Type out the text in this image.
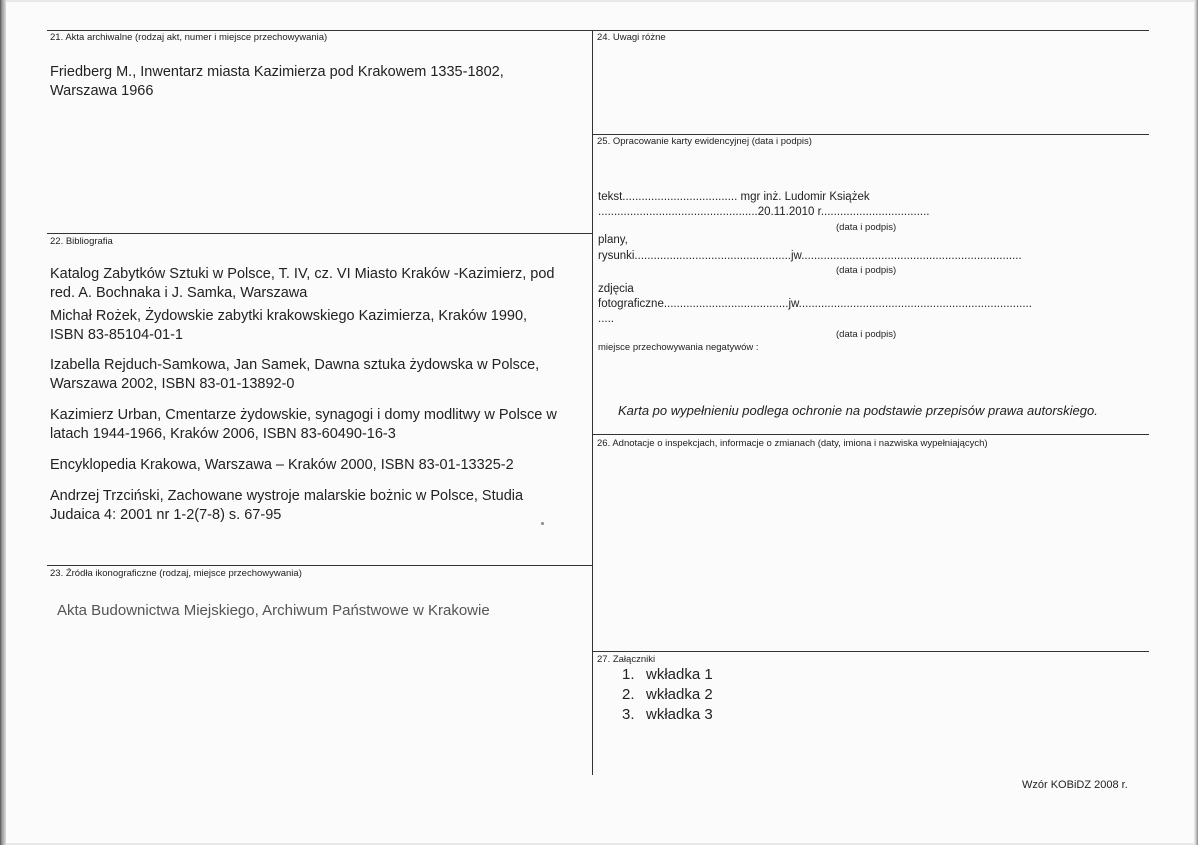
21. Akta archiwalne (rodzaj akt, numer i miejsce przechowywania)
Friedberg M., Inwentarz miasta Kazimierza pod Krakowem 1335-1802,
Warszawa 1966
22. Bibliografia
Katalog Zabytków Sztuki w Polsce, T. IV, cz. VI Miasto Kraków -Kazimierz, pod
red. A. Bochnaka i J. Samka, Warszawa
Michał Rożek, Żydowskie zabytki krakowskiego Kazimierza, Kraków 1990,
ISBN 83-85104-01-1
Izabella Rejduch-Samkowa, Jan Samek, Dawna sztuka żydowska w Polsce,
Warszawa 2002, ISBN 83-01-13892-0
Kazimierz Urban, Cmentarze żydowskie, synagogi i domy modlitwy w Polsce w
latach 1944-1966, Kraków 2006, ISBN 83-60490-16-3
Encyklopedia Krakowa, Warszawa – Kraków 2000, ISBN 83-01-13325-2
Andrzej Trzciński, Zachowane wystroje malarskie bożnic w Polsce, Studia
Judaica 4: 2001 nr 1-2(7-8) s. 67-95
23. Źródła ikonograficzne (rodzaj, miejsce przechowywania)
Akta Budownictwa Miejskiego, Archiwum Państwowe w Krakowie
24. Uwagi różne
25. Opracowanie karty ewidencyjnej (data i podpis)
tekst.................................... mgr inż. Ludomir Książek
..................................................20.11.2010 r..................................
(data i podpis)
plany,
rysunki.................................................jw.....................................................................
(data i podpis)
zdjęcia
fotograficzne.......................................jw.........................................................................
.....
(data i podpis)
miejsce przechowywania negatywów :
Karta po wypełnieniu podlega ochronie na podstawie przepisów prawa autorskiego.
26. Adnotacje o inspekcjach, informacje o zmianach (daty, imiona i nazwiska wypełniających)
27. Załączniki
1. wkładka 1
2. wkładka 2
3. wkładka 3
Wzór KOBiDZ 2008 r.
